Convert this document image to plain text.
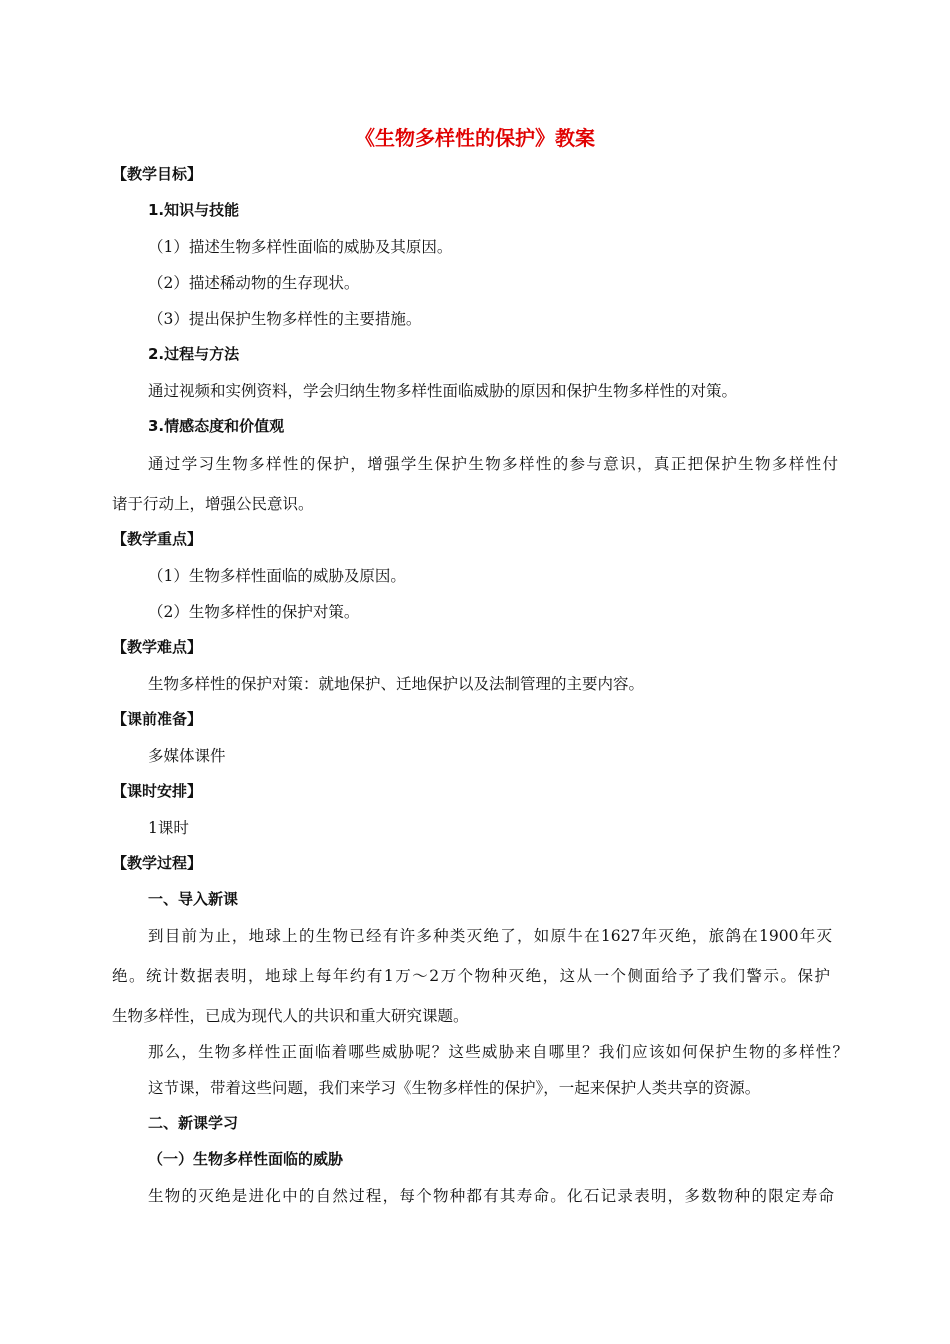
《生物多样性的保护》教案
【教学目标】
1.知识与技能
（1）描述生物多样性面临的威胁及其原因。
（2）描述稀动物的生存现状。
（3）提出保护生物多样性的主要措施。
2.过程与方法
通过视频和实例资料，学会归纳生物多样性面临威胁的原因和保护生物多样性的对策。
3.情感态度和价值观
通过学习生物多样性的保护，增强学生保护生物多样性的参与意识，真正把保护生物多样性付
诸于行动上，增强公民意识。
【教学重点】
（1）生物多样性面临的威胁及原因。
（2）生物多样性的保护对策。
【教学难点】
生物多样性的保护对策：就地保护、迁地保护以及法制管理的主要内容。
【课前准备】
多媒体课件
【课时安排】
1课时
【教学过程】
一、导入新课
到目前为止，地球上的生物已经有许多种类灭绝了，如原牛在1627年灭绝，旅鸽在1900年灭
绝。统计数据表明，地球上每年约有1万～2万个物种灭绝，这从一个侧面给予了我们警示。保护
生物多样性，已成为现代人的共识和重大研究课题。
那么，生物多样性正面临着哪些威胁呢？这些威胁来自哪里？我们应该如何保护生物的多样性？
这节课，带着这些问题，我们来学习《生物多样性的保护》，一起来保护人类共享的资源。
二、新课学习
（一）生物多样性面临的威胁
生物的灭绝是进化中的自然过程，每个物种都有其寿命。化石记录表明，多数物种的限定寿命
